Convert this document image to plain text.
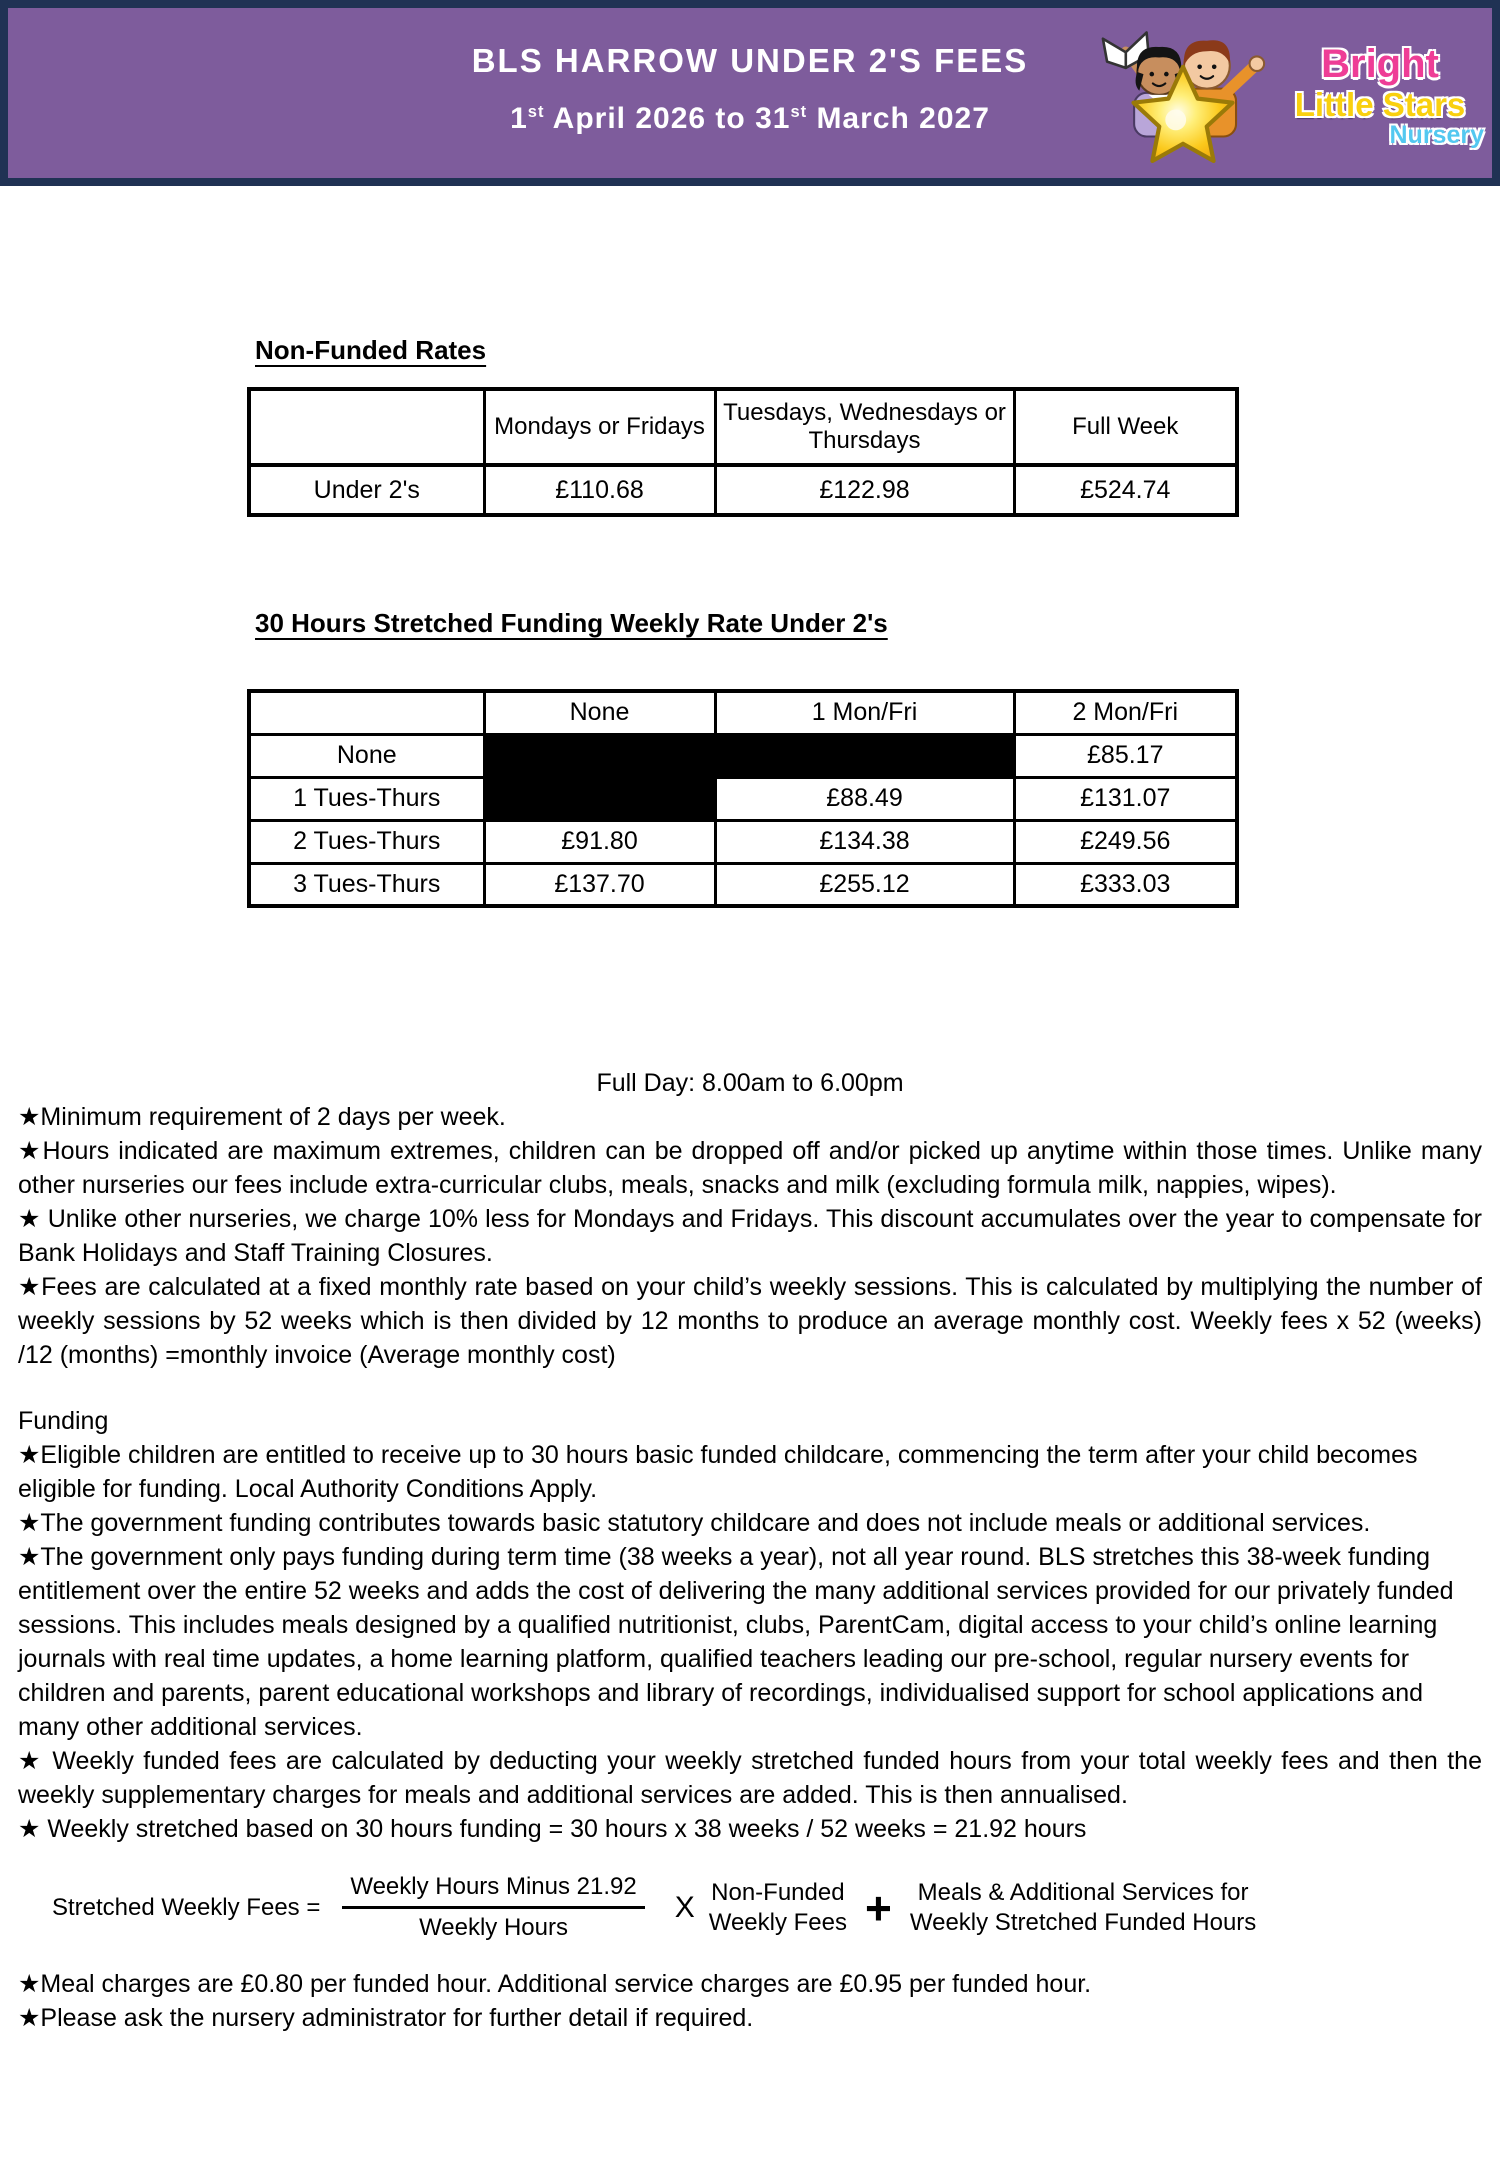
BLS HARROW UNDER 2'S FEES
1st April 2026 to 31st March 2027
Bright
Little Stars
Nursery
Non-Funded Rates
	Mondays or Fridays	Tuesdays, Wednesdays or Thursdays	Full Week
Under 2's	£110.68	£122.98	£524.74
30 Hours Stretched Funding Weekly Rate Under 2's
	None	1 Mon/Fri	2 Mon/Fri
None			£85.17
1 Tues-Thurs		£88.49	£131.07
2 Tues-Thurs	£91.80	£134.38	£249.56
3 Tues-Thurs	£137.70	£255.12	£333.03

Full Day: 8.00am to 6.00pm

★Minimum requirement of 2 days per week.

★Hours indicated are maximum extremes, children can be dropped off and/or picked up anytime within those times. Unlike many other nurseries our fees include extra-curricular clubs, meals, snacks and milk (excluding formula milk, nappies, wipes).

★ Unlike other nurseries, we charge 10% less for Mondays and Fridays. This discount accumulates over the year to compensate for Bank Holidays and Staff Training Closures.

★Fees are calculated at a fixed monthly rate based on your child’s weekly sessions. This is calculated by multiplying the number of weekly sessions by 52 weeks which is then divided by 12 months to produce an average monthly cost. Weekly fees x 52 (weeks) /12 (months) =monthly invoice (Average monthly cost)

Funding

★Eligible children are entitled to receive up to 30 hours basic funded childcare, commencing the term after your child becomes eligible for funding. Local Authority Conditions Apply.

★The government funding contributes towards basic statutory childcare and does not include meals or additional services.

★The government only pays funding during term time (38 weeks a year), not all year round. BLS stretches this 38-week funding entitlement over the entire 52 weeks and adds the cost of delivering the many additional services provided for our privately funded sessions. This includes meals designed by a qualified nutritionist, clubs, ParentCam, digital access to your child’s online learning journals with real time updates, a home learning platform, qualified teachers leading our pre-school, regular nursery events for children and parents, parent educational workshops and library of recordings, individualised support for school applications and many other additional services.

★ Weekly funded fees are calculated by deducting your weekly stretched funded hours from your total weekly fees and then the weekly supplementary charges for meals and additional services are added. This is then annualised.

★ Weekly stretched based on 30 hours funding = 30 hours x 38 weeks / 52 weeks = 21.92 hours

Stretched Weekly Fees = $\frac{\text{Weekly Hours Minus 21.92}}{\text{Weekly Hours}}$ X Non-Funded
Weekly Fees +	Meals & Additional Services for
Weekly Stretched Funded Hours

★Meal charges are £0.80 per funded hour. Additional service charges are £0.95 per funded hour.

★Please ask the nursery administrator for further detail if required.
